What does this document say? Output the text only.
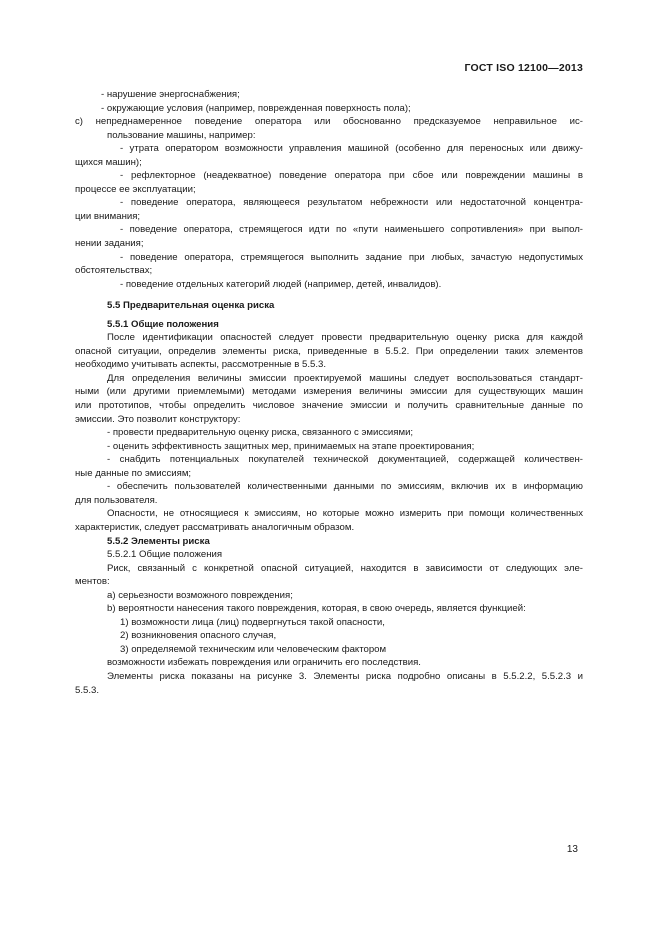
ГОСТ ISO 12100—2013
- нарушение энергоснабжения;
- окружающие условия (например, поврежденная поверхность пола);
c) непреднамеренное поведение оператора или обоснованно предсказуемое неправильное ис-
пользование машины, например:
- утрата оператором возможности управления машиной (особенно для переносных или движу-
щихся машин);
- рефлекторное (неадекватное) поведение оператора при сбое или повреждении машины в
процессе ее эксплуатации;
- поведение оператора, являющееся результатом небрежности или недостаточной концентра-
ции внимания;
- поведение оператора, стремящегося идти по «пути наименьшего сопротивления» при выпол-
нении задания;
- поведение оператора, стремящегося выполнить задание при любых, зачастую недопустимых
обстоятельствах;
- поведение отдельных категорий людей (например, детей, инвалидов).
5.5 Предварительная оценка риска
5.5.1 Общие положения
После идентификации опасностей следует провести предварительную оценку риска для каждой
опасной ситуации, определив элементы риска, приведенные в 5.5.2. При определении таких элементов
необходимо учитывать аспекты, рассмотренные в 5.5.3.
Для определения величины эмиссии проектируемой машины следует воспользоваться стандарт-
ными (или другими приемлемыми) методами измерения величины эмиссии для существующих машин
или прототипов, чтобы определить числовое значение эмиссии и получить сравнительные данные по
эмиссии. Это позволит конструктору:
- провести предварительную оценку риска, связанного с эмиссиями;
- оценить эффективность защитных мер, принимаемых на этапе проектирования;
- снабдить потенциальных покупателей технической документацией, содержащей количествен-
ные данные по эмиссиям;
- обеспечить пользователей количественными данными по эмиссиям, включив их в информацию
для пользователя.
Опасности, не относящиеся к эмиссиям, но которые можно измерить при помощи количественных
характеристик, следует рассматривать аналогичным образом.
5.5.2 Элементы риска
5.5.2.1 Общие положения
Риск, связанный с конкретной опасной ситуацией, находится в зависимости от следующих эле-
ментов:
a) серьезности возможного повреждения;
b) вероятности нанесения такого повреждения, которая, в свою очередь, является функцией:
1) возможности лица (лиц) подвергнуться такой опасности,
2) возникновения опасного случая,
3) определяемой техническим или человеческим фактором
возможности избежать повреждения или ограничить его последствия.
Элементы риска показаны на рисунке 3. Элементы риска подробно описаны в 5.5.2.2, 5.5.2.3 и
5.5.3.
13
